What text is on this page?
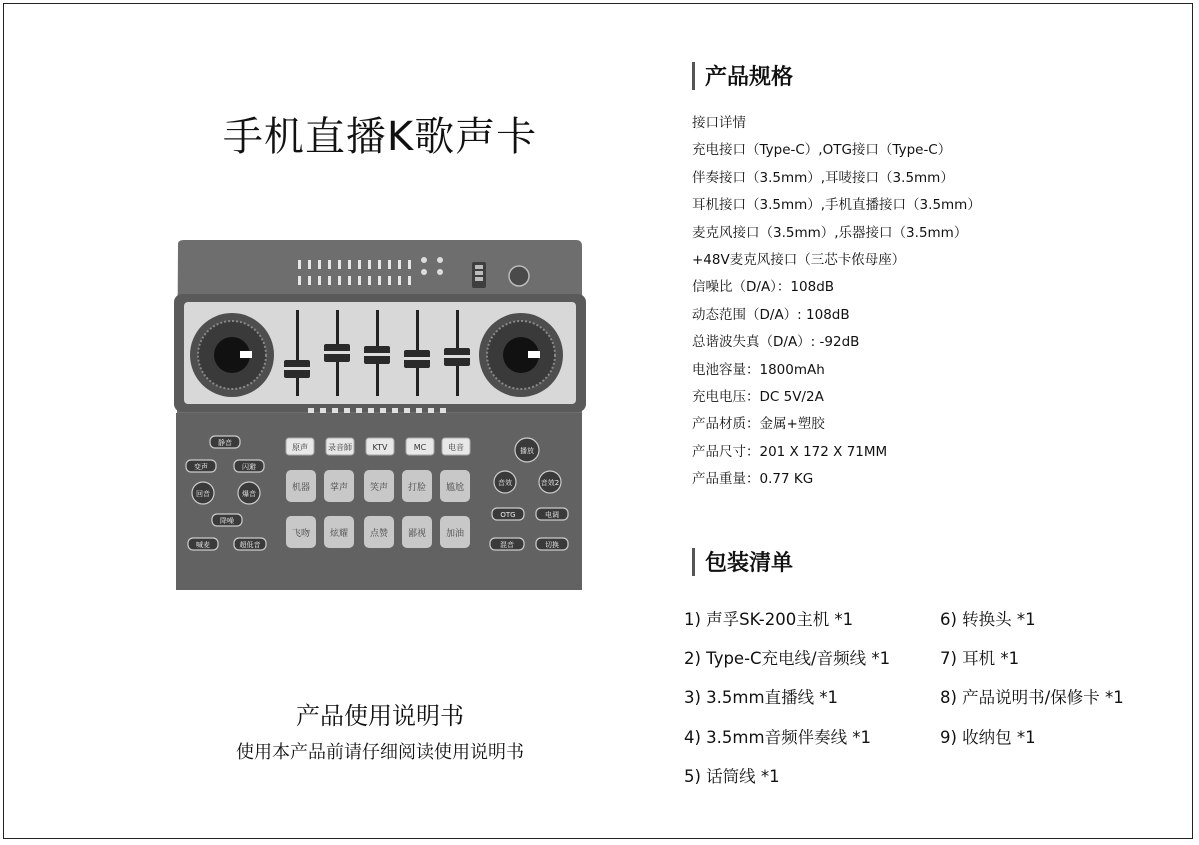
手机直播K歌声卡
原声	录音師	KTV	MC	电音
机器 掌声 笑声 打脸 尴尬
飞吻 炫耀 点赞 鄙视 加油
静音
变声	闪避
回音	爆音
降噪
喊麦	超低音
播放
音效	音效2
OTG	电调
混音	切换
产品使用说明书
使用本产品前请仔细阅读使用说明书
产品规格
接口详情
充电接口（Type-C）,OTG接口（Type-C）
伴奏接口（3.5mm）,耳唛接口（3.5mm）
耳机接口（3.5mm）,手机直播接口（3.5mm）
麦克风接口（3.5mm）,乐器接口（3.5mm）
+48V麦克风接口（三芯卡侬母座）
信噪比（D/A）：108dB
动态范围（D/A）: 108dB
总谐波失真（D/A）: -92dB
电池容量：1800mAh
充电电压：DC 5V/2A
产品材质：金属+塑胶
产品尺寸：201 X 172 X 71MM
产品重量：0.77 KG
包装清单
1) 声孚SK-200主机 *1
2) Type-C充电线/音频线 *1
3) 3.5mm直播线 *1
4) 3.5mm音频伴奏线 *1
5) 话筒线 *1
6) 转换头 *1
7) 耳机 *1
8) 产品说明书/保修卡 *1
9) 收纳包 *1
